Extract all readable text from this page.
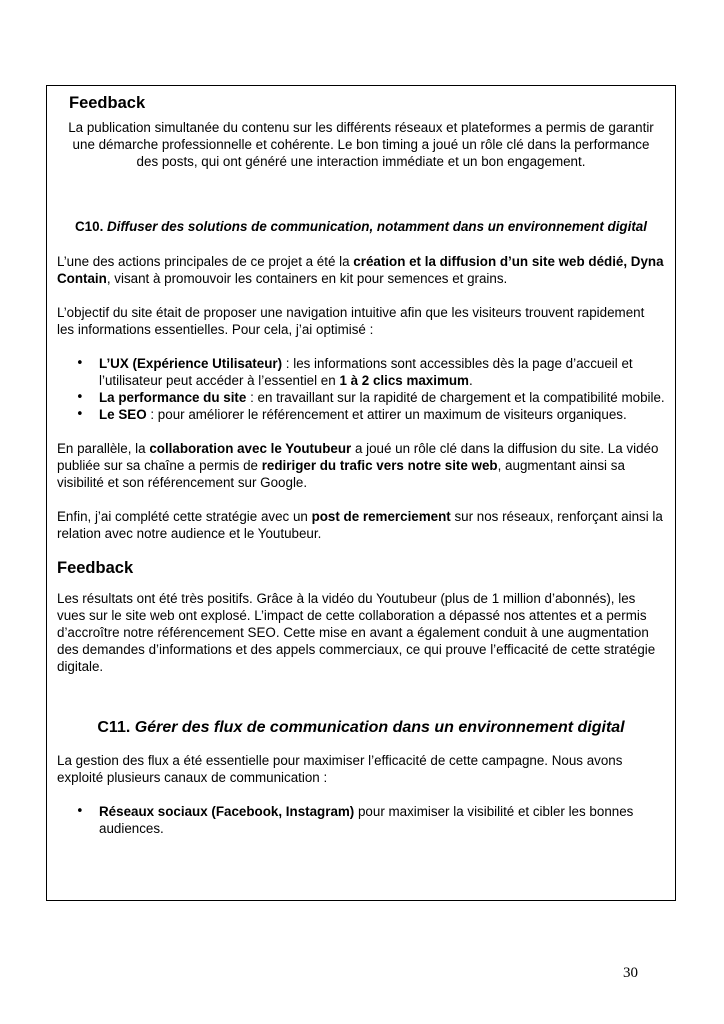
Feedback

La publication simultanée du contenu sur les différents réseaux et plateformes a permis de garantir une démarche professionnelle et cohérente. Le bon timing a joué un rôle clé dans la performance des posts, qui ont généré une interaction immédiate et un bon engagement.

C10. Diffuser des solutions de communication, notamment dans un environnement digital

L’une des actions principales de ce projet a été la création et la diffusion d’un site web dédié, Dyna Contain, visant à promouvoir les containers en kit pour semences et grains.

L’objectif du site était de proposer une navigation intuitive afin que les visiteurs trouvent rapidement les informations essentielles. Pour cela, j’ai optimisé :

• L’UX (Expérience Utilisateur) : les informations sont accessibles dès la page d’accueil et l’utilisateur peut accéder à l’essentiel en 1 à 2 clics maximum.
• La performance du site : en travaillant sur la rapidité de chargement et la compatibilité mobile.
• Le SEO : pour améliorer le référencement et attirer un maximum de visiteurs organiques.

En parallèle, la collaboration avec le Youtubeur a joué un rôle clé dans la diffusion du site. La vidéo publiée sur sa chaîne a permis de rediriger du trafic vers notre site web, augmentant ainsi sa visibilité et son référencement sur Google.

Enfin, j’ai complété cette stratégie avec un post de remerciement sur nos réseaux, renforçant ainsi la relation avec notre audience et le Youtubeur.

Feedback

Les résultats ont été très positifs. Grâce à la vidéo du Youtubeur (plus de 1 million d’abonnés), les vues sur le site web ont explosé. L’impact de cette collaboration a dépassé nos attentes et a permis d’accroître notre référencement SEO. Cette mise en avant a également conduit à une augmentation des demandes d’informations et des appels commerciaux, ce qui prouve l’efficacité de cette stratégie digitale.

C11. Gérer des flux de communication dans un environnement digital

La gestion des flux a été essentielle pour maximiser l’efficacité de cette campagne. Nous avons exploité plusieurs canaux de communication :

• Réseaux sociaux (Facebook, Instagram) pour maximiser la visibilité et cibler les bonnes audiences.
30
